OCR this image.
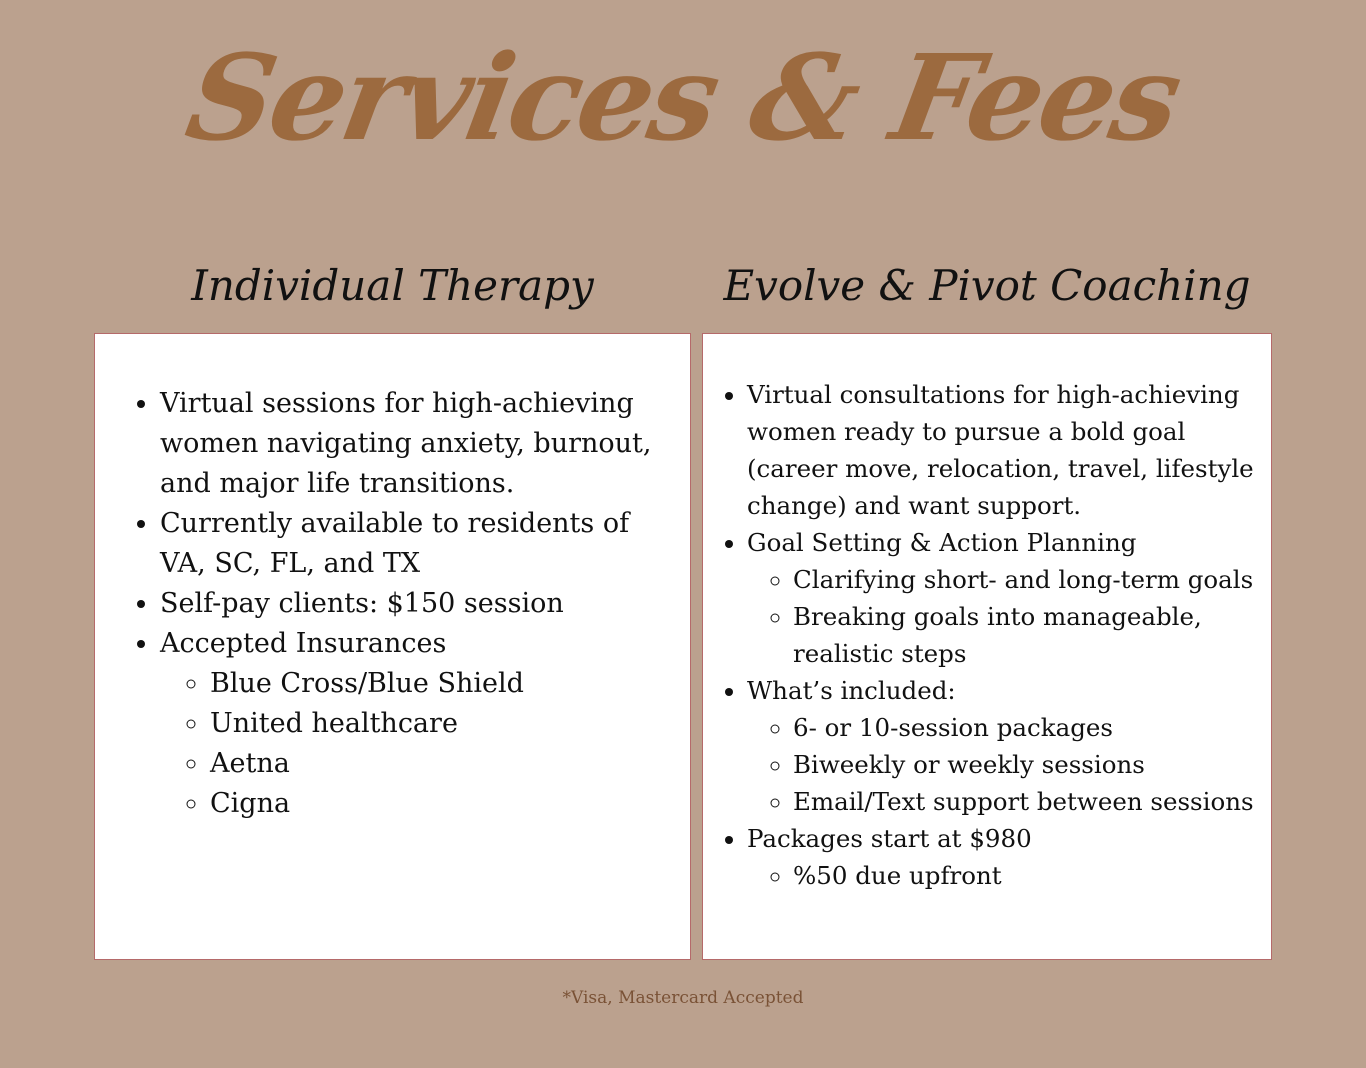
Services & Fees
Individual Therapy	Evolve & Pivot Coaching
• Virtual sessions for high-achieving women navigating anxiety, burnout, and major life transitions.
• Currently available to residents of VA, SC, FL, and TX
• Self-pay clients: $150 session
• Accepted Insurances
◦ Blue Cross/Blue Shield
◦ United healthcare
◦ Aetna
◦ Cigna
• Virtual consultations for high-achieving women ready to pursue a bold goal (career move, relocation, travel, lifestyle change) and want support.
• Goal Setting & Action Planning
◦ Clarifying short- and long-term goals
◦ Breaking goals into manageable, realistic steps
• What’s included:
◦ 6- or 10-session packages
◦ Biweekly or weekly sessions
◦ Email/Text support between sessions
• Packages start at $980
◦ %50 due upfront
*Visa, Mastercard Accepted
